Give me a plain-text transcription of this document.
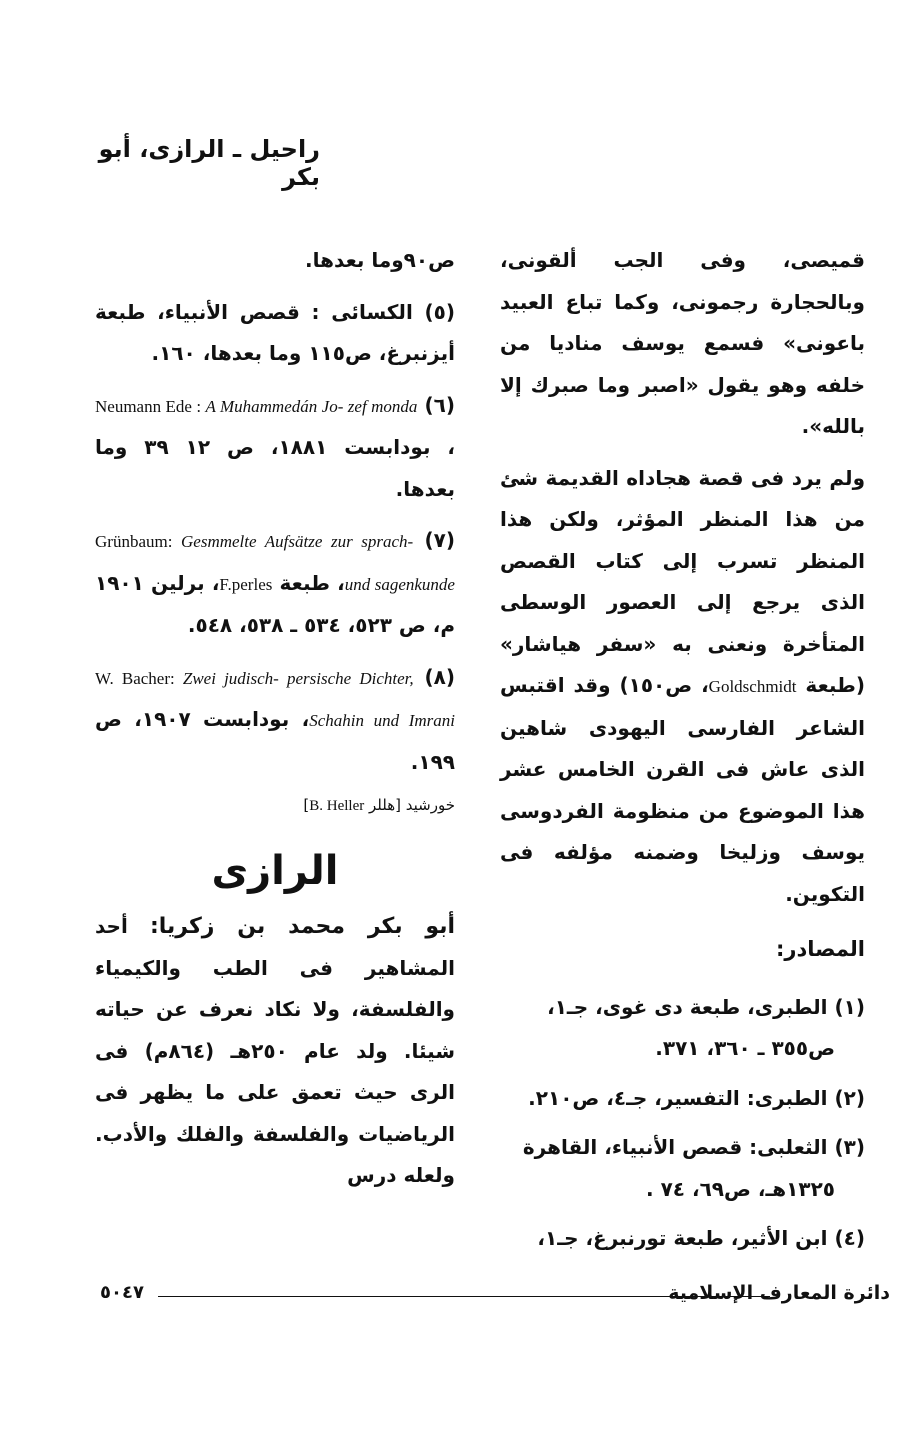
راحيل ـ الرازى، أبو بكر

قميصى، وفى الجب ألقونى، وبالحجارة رجمونى، وكما تباع العبيد باعونى» فسمع يوسف مناديا من خلفه وهو يقول «اصبر وما صبرك إلا بالله».

ولم يرد فى قصة هجاداه القديمة شئ من هذا المنظر المؤثر، ولكن هذا المنظر تسرب إلى كتاب القصص الذى يرجع إلى العصور الوسطى المتأخرة ونعنى به «سفر هياشار» (طبعة Goldschmidt، ص١٥٠) وقد اقتبس الشاعر الفارسى اليهودى شاهين الذى عاش فى القرن الخامس عشر هذا الموضوع من منظومة الفردوسى يوسف وزليخا وضمنه مؤلفه فى التكوين.

المصادر:
(١) الطبرى، طبعة دى غوى، جـ١،
ص٣٥٥ ـ ٣٦٠، ٣٧١.
(٢) الطبرى: التفسير، جـ٤، ص٢١٠.
(٣) الثعلبى: قصص الأنبياء، القاهرة
١٣٢٥هـ، ص٦٩، ٧٤ .
(٤) ابن الأثير، طبعة تورنبرغ، جـ١،

ص٩٠وما بعدها.

(٥) الكسائى : قصص الأنبياء، طبعة أيزنبرغ، ص١١٥ وما بعدها، ١٦٠.

(٦) Neumann Ede : A Muhammedán Jo- zef monda ، بودابست ١٨٨١، ص ١٢ ٣٩ وما بعدها.

(٧) Grünbaum: Gesmmelte Aufsätze zur sprach-und sagenkunde، طبعة F.perles، برلين ١٩٠١ م، ص ٥٢٣، ٥٣٤ ـ ٥٣٨، ٥٤٨.

(٨) W. Bacher: Zwei judisch- persische Dichter, Schahin und Imrani، بودابست ١٩٠٧، ص ١٩٩.

خورشيد [هللر B. Heller]
الرازى

أبو بكر محمد بن زكريا: أحد المشاهير فى الطب والكيمياء والفلسفة، ولا نكاد نعرف عن حياته شيئا. ولد عام ٢٥٠هـ (٨٦٤م) فى الرى حيث تعمق على ما يظهر فى الرياضيات والفلسفة والفلك والأدب. ولعله درس

٥٠٤٧	دائرة المعارف الإسلامية
